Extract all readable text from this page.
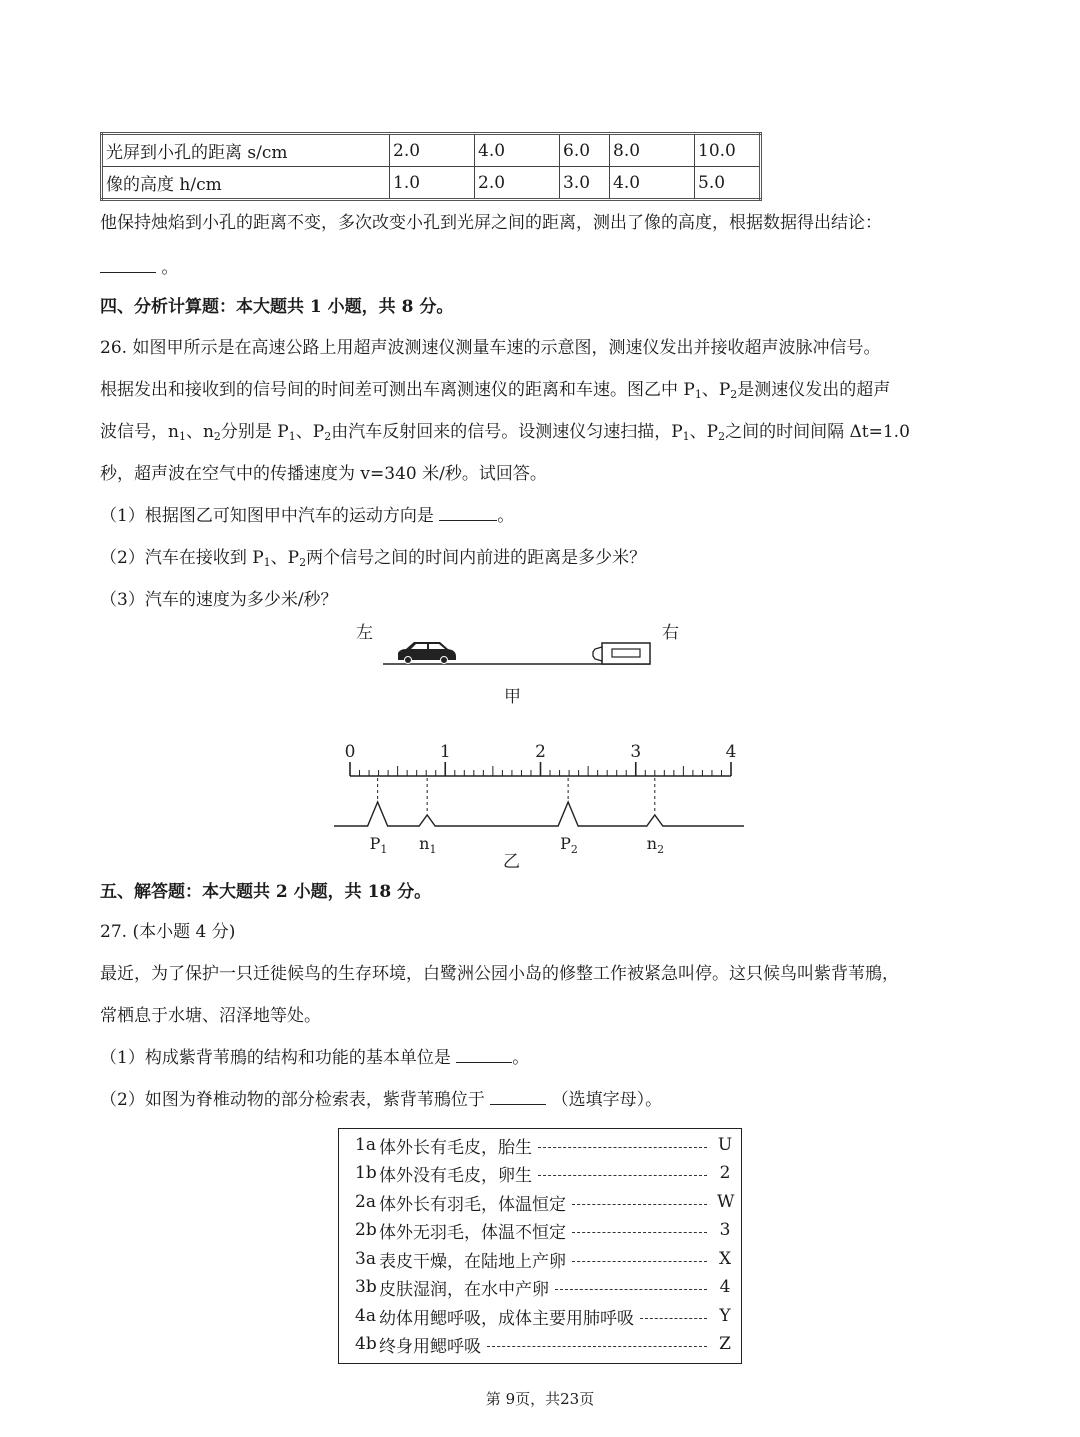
光屏到小孔的距离 s/cm	2.0	4.0	6.0	8.0	10.0
像的高度 h/cm	1.0	2.0	3.0	4.0	5.0
他保持烛焰到小孔的距离不变，多次改变小孔到光屏之间的距离，测出了像的高度，根据数据得出结论：
。
四、分析计算题：本大题共 1 小题，共 8 分。
26. 如图甲所示是在高速公路上用超声波测速仪测量车速的示意图，测速仪发出并接收超声波脉冲信号。
根据发出和接收到的信号间的时间差可测出车离测速仪的距离和车速。图乙中 $P_1$、$P_2$是测速仪发出的超声
波信号，$n_1$、$n_2$分别是 $P_1$、$P_2$由汽车反射回来的信号。设测速仪匀速扫描，$P_1$、$P_2$之间的时间间隔 Δt=1.0
秒，超声波在空气中的传播速度为 v=340 米/秒。试回答。
（1）根据图乙可知图甲中汽车的运动方向是	。
（2）汽车在接收到 $P_1$、$P_2$两个信号之间的时间内前进的距离是多少米？
（3）汽车的速度为多少米/秒？
左	右
甲
0	1	2	3	4
$P_1$ $n_1$	$P_2$	$n_2$
乙
五、解答题：本大题共 2 小题，共 18 分。
27. (本小题 4 分)
最近，为了保护一只迁徙候鸟的生存环境，白鹭洲公园小岛的修整工作被紧急叫停。这只候鸟叫紫背苇鳽，
常栖息于水塘、沼泽地等处。
（1）构成紫背苇鳽的结构和功能的基本单位是	。
（2）如图为脊椎动物的部分检索表，紫背苇鳽位于	（选填字母）。
1a 体外长有毛皮，胎生	U
1b 体外没有毛皮，卵生	2
2a 体外长有羽毛，体温恒定	W
2b 体外无羽毛，体温不恒定	3
3a 表皮干燥，在陆地上产卵	X
3b 皮肤湿润，在水中产卵	4
4a 幼体用鳃呼吸，成体主要用肺呼吸	Y
4b 终身用鳃呼吸	Z
第 9页，共23页
